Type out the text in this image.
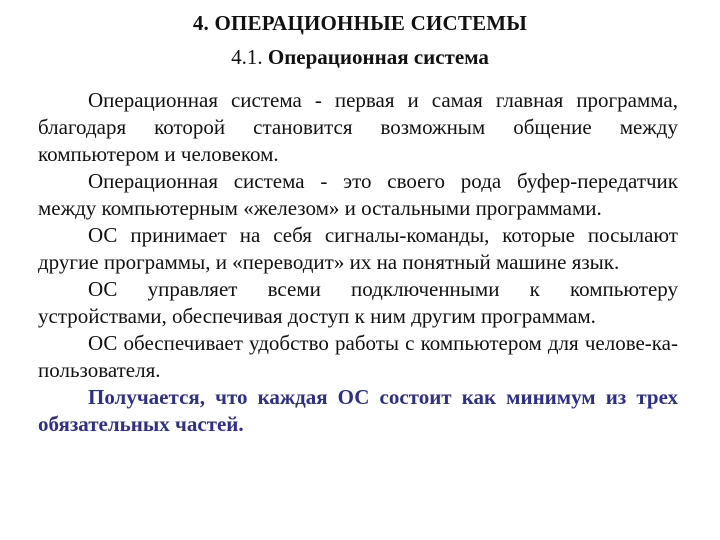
4. ОПЕРАЦИОННЫЕ СИСТЕМЫ
4.1. Операционная система

Операционная система - первая и самая главная программа, благодаря которой становится возможным общение между компьютером и человеком.

Операционная система - это своего рода буфер-передатчик между компьютерным «железом» и остальными программами.

ОС принимает на себя сигналы-команды, которые посылают другие программы, и «переводит» их на понятный машине язык.

ОС управляет всеми подключенными к компьютеру устройствами, обеспечивая доступ к ним другим программам.

ОС обеспечивает удобство работы с компьютером для челове-ка-пользователя.

Получается, что каждая ОС состоит как минимум из трех обязательных частей.
